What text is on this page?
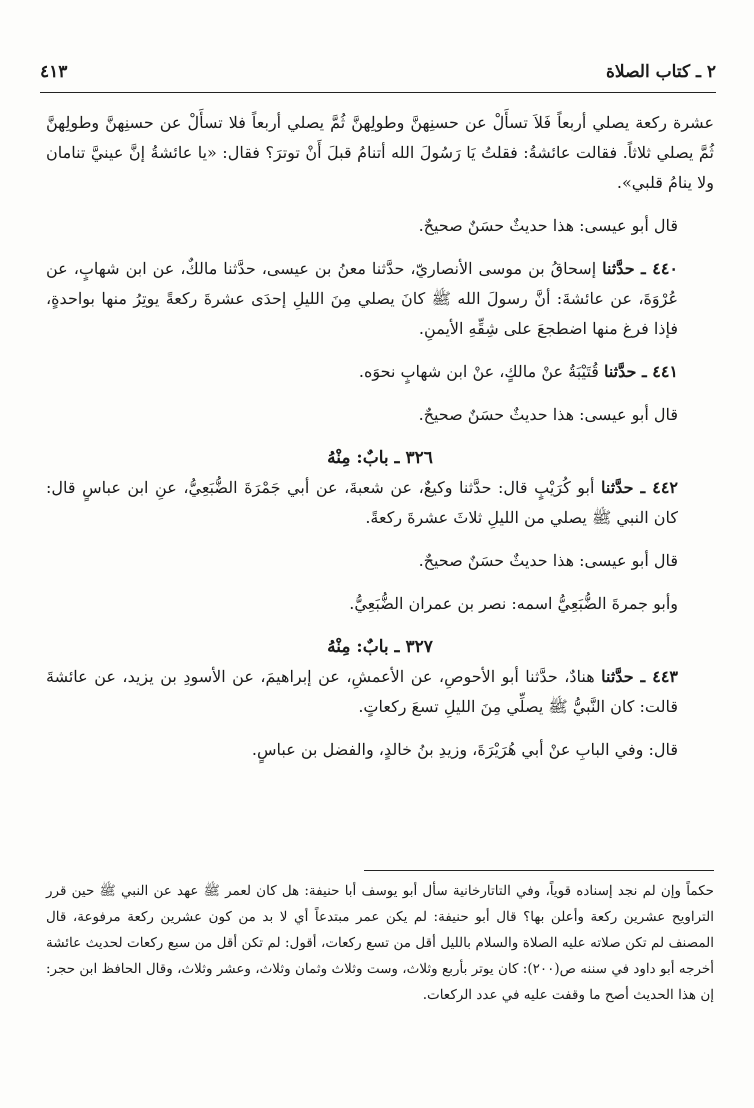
٢ ـ كتاب الصلاة
٤١٣

عشرة ركعة يصلي أربعاً فَلاَ تسأَلْ عن حسنِهنَّ وطولِهنَّ ثُمَّ يصلي أربعاً فلا تسأَلْ عن حسنِهنَّ وطولِهنَّ ثُمَّ يصلي ثلاثاً. فقالت عائشةُ: فقلتُ يَا رَسُولَ الله أتنامُ قبلَ أَنْ توترَ؟ فقال: «يا عائشةُ إنَّ عينيَّ تنامان ولا ينامُ قلبي».

قال أبو عيسى: هذا حديثٌ حسَنٌ صحيحٌ.

٤٤٠ ـ حدَّثنا إسحاقُ بن موسى الأنصاريّ، حدَّثنا معنُ بن عيسى، حدَّثنا مالكٌ، عن ابن شهابٍ، عن عُرْوَةَ، عن عائشةَ: أنَّ رسولَ الله ﷺ كانَ يصلي مِنَ الليلِ إحدَى عشرةَ ركعةً يوتِرُ منها بواحدةٍ، فإذا فرغ منها اضطجعَ على شِقِّهِ الأيمنِ.

٤٤١ ـ حدَّثنا قُتَيْبَةُ عنْ مالكٍ، عنْ ابن شهابٍ نحوَه.

قال أبو عيسى: هذا حديثٌ حسَنٌ صحيحٌ.

٣٢٦ ـ بابٌ: مِنْهُ

٤٤٢ ـ حدَّثنا أبو كُرَيْبٍ قال: حدَّثنا وكيعٌ، عن شعبةَ، عن أبي جَمْرَةَ الضُّبَعِيُّ، عنِ ابن عباسٍ قال: كان النبي ﷺ يصلي من الليلِ ثلاثَ عشرةَ ركعةً.

قال أبو عيسى: هذا حديثٌ حسَنٌ صحيحٌ.

وأبو جمرةَ الضُّبَعِيُّ اسمه: نصر بن عمران الضُّبَعِيُّ.

٣٢٧ ـ بابٌ: مِنْهُ

٤٤٣ ـ حدَّثنا هنادٌ، حدَّثنا أبو الأحوصِ، عن الأعمشِ، عن إبراهيمَ، عن الأسودِ بن يزيد، عن عائشةَ قالت: كان النَّبيُّ ﷺ يصلِّي مِنَ الليلِ تسعَ ركعاتٍ.

قال: وفي البابِ عنْ أبي هُرَيْرَةَ، وزيدِ بنُ خالدٍ، والفضل بن عباسٍ.

حكماً وإن لم نجد إسناده قوياً، وفي التاتارخانية سأل أبو يوسف أبا حنيفة: هل كان لعمر ﷺ عهد عن النبي ﷺ حين قرر التراويح عشرين ركعة وأعلن بها؟ قال أبو حنيفة: لم يكن عمر مبتدعاً أي لا بد من كون عشرين ركعة مرفوعة، قال المصنف لم تكن صلاته عليه الصلاة والسلام بالليل أقل من تسع ركعات، أقول: لم تكن أقل من سبع ركعات لحديث عائشة أخرجه أبو داود في سننه ص(٢٠٠): كان يوتر بأربع وثلاث، وست وثلاث وثمان وثلاث، وعشر وثلاث، وقال الحافظ ابن حجر: إن هذا الحديث أصح ما وقفت عليه في عدد الركعات.
